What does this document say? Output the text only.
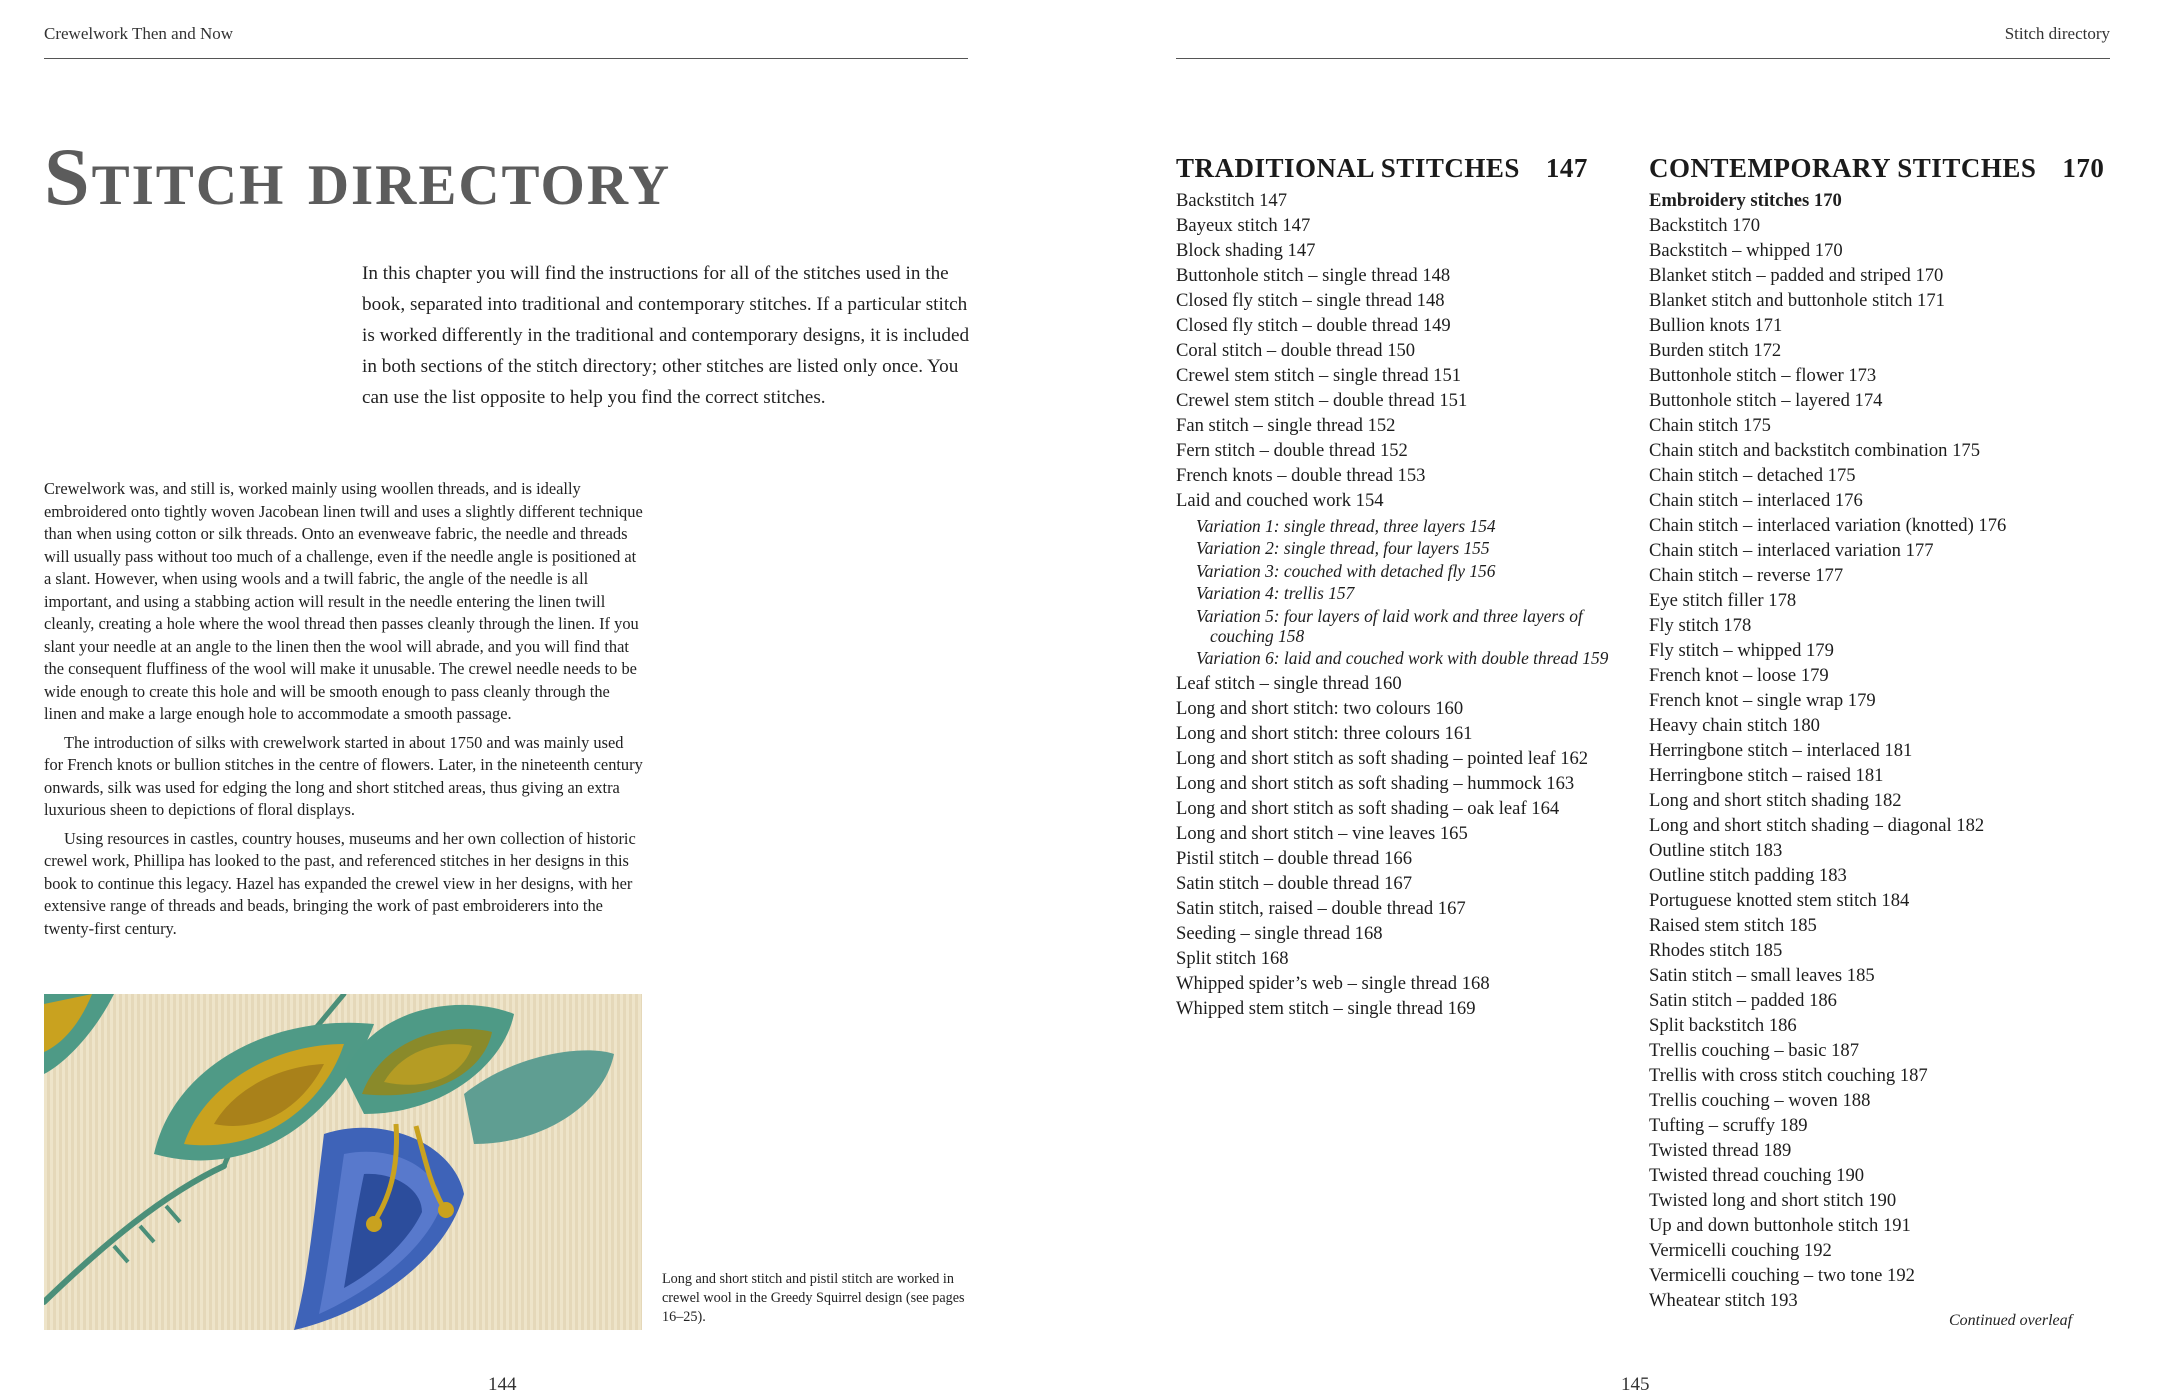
Crewelwork Then and Now
Stitch directory

In this chapter you will find the instructions for all of the stitches used in the book, separated into traditional and contemporary stitches. If a particular stitch is worked differently in the traditional and contemporary designs, it is included in both sections of the stitch directory; other stitches are listed only once. You can use the list opposite to help you find the correct stitches.

Crewelwork was, and still is, worked mainly using woollen threads, and is ideally embroidered onto tightly woven Jacobean linen twill and uses a slightly different technique than when using cotton or silk threads. Onto an evenweave fabric, the needle and threads will usually pass without too much of a challenge, even if the needle angle is positioned at a slant. However, when using wools and a twill fabric, the angle of the needle is all important, and using a stabbing action will result in the needle entering the linen twill cleanly, creating a hole where the wool thread then passes cleanly through the linen. If you slant your needle at an angle to the linen then the wool will abrade, and you will find that the consequent fluffiness of the wool will make it unusable. The crewel needle needs to be wide enough to create this hole and will be smooth enough to pass cleanly through the linen and make a large enough hole to accommodate a smooth passage.

The introduction of silks with crewelwork started in about 1750 and was mainly used for French knots or bullion stitches in the centre of flowers. Later, in the nineteenth century onwards, silk was used for edging the long and short stitched areas, thus giving an extra luxurious sheen to depictions of floral displays.

Using resources in castles, country houses, museums and her own collection of historic crewel work, Phillipa has looked to the past, and referenced stitches in her designs in this book to continue this legacy. Hazel has expanded the crewel view in her designs, with her extensive range of threads and beads, bringing the work of past embroiderers into the twenty-first century.

Long and short stitch and pistil stitch are worked in crewel wool in the Greedy Squirrel design (see pages 16–25).

144
Stitch directory
TRADITIONAL STITCHES 147
Backstitch 147
Bayeux stitch 147
Block shading 147
Buttonhole stitch – single thread 148
Closed fly stitch – single thread 148
Closed fly stitch – double thread 149
Coral stitch – double thread 150
Crewel stem stitch – single thread 151
Crewel stem stitch – double thread 151
Fan stitch – single thread 152
Fern stitch – double thread 152
French knots – double thread 153
Laid and couched work 154
Variation 1: single thread, three layers 154
Variation 2: single thread, four layers 155
Variation 3: couched with detached fly 156
Variation 4: trellis 157
Variation 5: four layers of laid work and three layers of couching 158
Variation 6: laid and couched work with double thread 159
Leaf stitch – single thread 160
Long and short stitch: two colours 160
Long and short stitch: three colours 161
Long and short stitch as soft shading – pointed leaf 162
Long and short stitch as soft shading – hummock 163
Long and short stitch as soft shading – oak leaf 164
Long and short stitch – vine leaves 165
Pistil stitch – double thread 166
Satin stitch – double thread 167
Satin stitch, raised – double thread 167
Seeding – single thread 168
Split stitch 168
Whipped spider’s web – single thread 168
Whipped stem stitch – single thread 169
CONTEMPORARY STITCHES 170
Embroidery stitches 170
Backstitch 170
Backstitch – whipped 170
Blanket stitch – padded and striped 170
Blanket stitch and buttonhole stitch 171
Bullion knots 171
Burden stitch 172
Buttonhole stitch – flower 173
Buttonhole stitch – layered 174
Chain stitch 175
Chain stitch and backstitch combination 175
Chain stitch – detached 175
Chain stitch – interlaced 176
Chain stitch – interlaced variation (knotted) 176
Chain stitch – interlaced variation 177
Chain stitch – reverse 177
Eye stitch filler 178
Fly stitch 178
Fly stitch – whipped 179
French knot – loose 179
French knot – single wrap 179
Heavy chain stitch 180
Herringbone stitch – interlaced 181
Herringbone stitch – raised 181
Long and short stitch shading 182
Long and short stitch shading – diagonal 182
Outline stitch 183
Outline stitch padding 183
Portuguese knotted stem stitch 184
Raised stem stitch 185
Rhodes stitch 185
Satin stitch – small leaves 185
Satin stitch – padded 186
Split backstitch 186
Trellis couching – basic 187
Trellis with cross stitch couching 187
Trellis couching – woven 188
Tufting – scruffy 189
Twisted thread 189
Twisted thread couching 190
Twisted long and short stitch 190
Up and down buttonhole stitch 191
Vermicelli couching 192
Vermicelli couching – two tone 192
Wheatear stitch 193

Continued overleaf

145
